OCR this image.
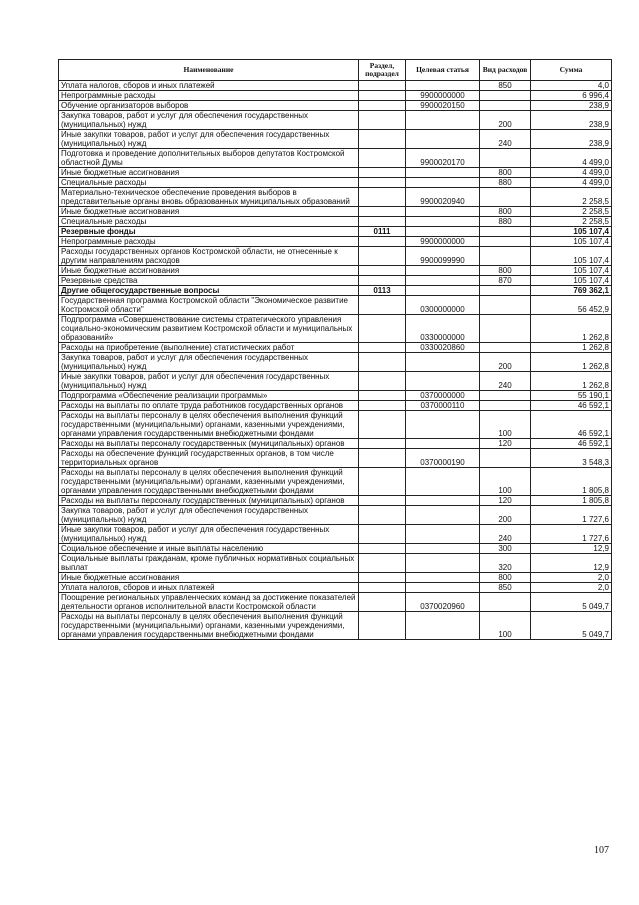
Наименование	Раздел, подраздел	Целевая статья	Вид расходов	Сумма
Уплата налогов, сборов и иных платежей			850	4,0
Непрограммные расходы		9900000000		6 996,4
Обучение организаторов выборов		9900020150		238,9
Закупка товаров, работ и услуг для обеспечения государственных (муниципальных) нужд			200	238,9
Иные закупки товаров, работ и услуг для обеспечения государственных (муниципальных) нужд			240	238,9
Подготовка и проведение дополнительных выборов депутатов Костромской областной Думы		9900020170		4 499,0
Иные бюджетные ассигнования			800	4 499,0
Специальные расходы			880	4 499,0
Материально-техническое обеспечение проведения выборов в представительные органы вновь образованных муниципальных образований		9900020940		2 258,5
Иные бюджетные ассигнования			800	2 258,5
Специальные расходы			880	2 258,5
Резервные фонды	0111			105 107,4
Непрограммные расходы		9900000000		105 107,4
Расходы государственных органов Костромской области, не отнесенные к другим направлениям расходов		9900099990		105 107,4
Иные бюджетные ассигнования			800	105 107,4
Резервные средства			870	105 107,4
Другие общегосударственные вопросы	0113			769 362,1
Государственная программа Костромской области "Экономическое развитие Костромской области"		0300000000		56 452,9
Подпрограмма «Совершенствование системы стратегического управления социально-экономическим развитием Костромской области и муниципальных образований»		0330000000		1 262,8
Расходы на приобретение (выполнение) статистических работ		0330020860		1 262,8
Закупка товаров, работ и услуг для обеспечения государственных (муниципальных) нужд			200	1 262,8
Иные закупки товаров, работ и услуг для обеспечения государственных (муниципальных) нужд			240	1 262,8
Подпрограмма «Обеспечение реализации программы»		0370000000		55 190,1
Расходы на выплаты по оплате труда работников государственных органов		0370000110		46 592,1
Расходы на выплаты персоналу в целях обеспечения выполнения функций государственными (муниципальными) органами, казенными учреждениями, органами управления государственными внебюджетными фондами			100	46 592,1
Расходы на выплаты персоналу государственных (муниципальных) органов			120	46 592,1
Расходы на обеспечение функций государственных органов, в том числе территориальных органов		0370000190		3 548,3
Расходы на выплаты персоналу в целях обеспечения выполнения функций государственными (муниципальными) органами, казенными учреждениями, органами управления государственными внебюджетными фондами			100	1 805,8
Расходы на выплаты персоналу государственных (муниципальных) органов			120	1 805,8
Закупка товаров, работ и услуг для обеспечения государственных (муниципальных) нужд			200	1 727,6
Иные закупки товаров, работ и услуг для обеспечения государственных (муниципальных) нужд			240	1 727,6
Социальное обеспечение и иные выплаты населению			300	12,9
Социальные выплаты гражданам, кроме публичных нормативных социальных выплат			320	12,9
Иные бюджетные ассигнования			800	2,0
Уплата налогов, сборов и иных платежей			850	2,0
Поощрение региональных управленческих команд за достижение показателей деятельности органов исполнительной власти Костромской области		0370020960		5 049,7
Расходы на выплаты персоналу в целях обеспечения выполнения функций государственными (муниципальными) органами, казенными учреждениями, органами управления государственными внебюджетными фондами			100	5 049,7
107
